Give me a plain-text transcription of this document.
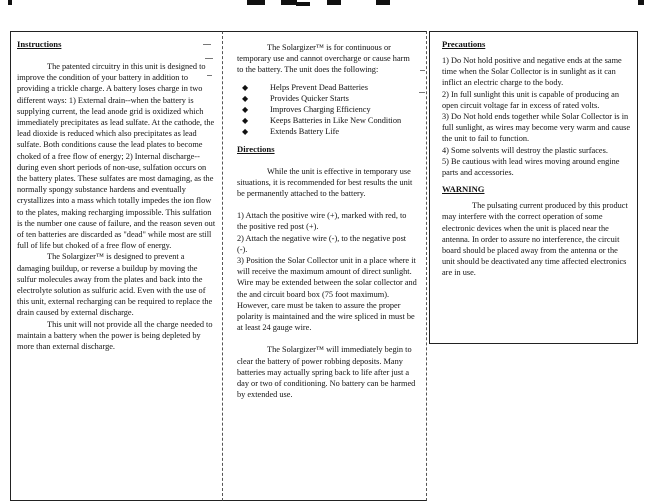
Instructions

The patented circuitry in this unit is designed to improve the condition of your battery in addition to providing a trickle charge. A battery loses charge in two different ways: 1) External drain--when the battery is supplying current, the lead anode grid is oxidized which immediately precipitates as lead sulfate. At the cathode, the lead dioxide is reduced which also precipitates as lead sulfate. Both conditions cause the lead plates to become choked of a free flow of energy; 2) Internal discharge--during even short periods of non-use, sulfation occurs on the battery plates. These sulfates are most damaging, as the normally spongy substance hardens and eventually crystallizes into a mass which totally impedes the ion flow to the plates, making recharging impossible. This sulfation is the number one cause of failure, and the reason seven out of ten batteries are discarded as "dead" while most are still full of life but choked of a free flow of energy.

The Solargizer™ is designed to prevent a damaging buildup, or reverse a buildup by moving the sulfur molecules away from the plates and back into the electrolyte solution as sulfuric acid. Even with the use of this unit, external recharging can be required to replace the drain caused by external discharge.

This unit will not provide all the charge needed to maintain a battery when the power is being depleted by more than external discharge.

The Solargizer™ is for continuous or temporary use and cannot overcharge or cause harm to the battery. The unit does the following:

◆	Helps Prevent Dead Batteries
◆	Provides Quicker Starts
◆	Improves Charging Efficiency
◆	Keeps Batteries in Like New Condition
◆	Extends Battery Life
Directions

While the unit is effective in temporary use situations, it is recommended for best results the unit be permanently attached to the battery.

1) Attach the positive wire (+), marked with red, to the positive red post (+).

2) Attach the negative wire (-), to the negative post (-).

3) Position the Solar Collector unit in a place where it will receive the maximum amount of direct sunlight. Wire may be extended between the solar collector and the and circuit board box (75 foot maximum). However, care must be taken to assure the proper polarity is maintained and the wire spliced in must be at least 24 gauge wire.

The Solargizer™ will immediately begin to clear the battery of power robbing deposits. Many batteries may actually spring back to life after just a day or two of conditioning. No battery can be harmed by extended use.

Precautions

1) Do Not hold positive and negative ends at the same time when the Solar Collector is in sunlight as it can inflict an electric charge to the body.

2) In full sunlight this unit is capable of producing an open circuit voltage far in excess of rated volts.

3) Do Not hold ends together while Solar Collector is in full sunlight, as wires may become very warm and cause the unit to fail to function.

4) Some solvents will destroy the plastic surfaces.

5) Be cautious with lead wires moving around engine parts and accessories.

WARNING

The pulsating current produced by this product may interfere with the correct operation of some electronic devices when the unit is placed near the antenna. In order to assure no interference, the circuit board should be placed away from the antenna or the unit should be deactivated any time affected electronics are in use.
